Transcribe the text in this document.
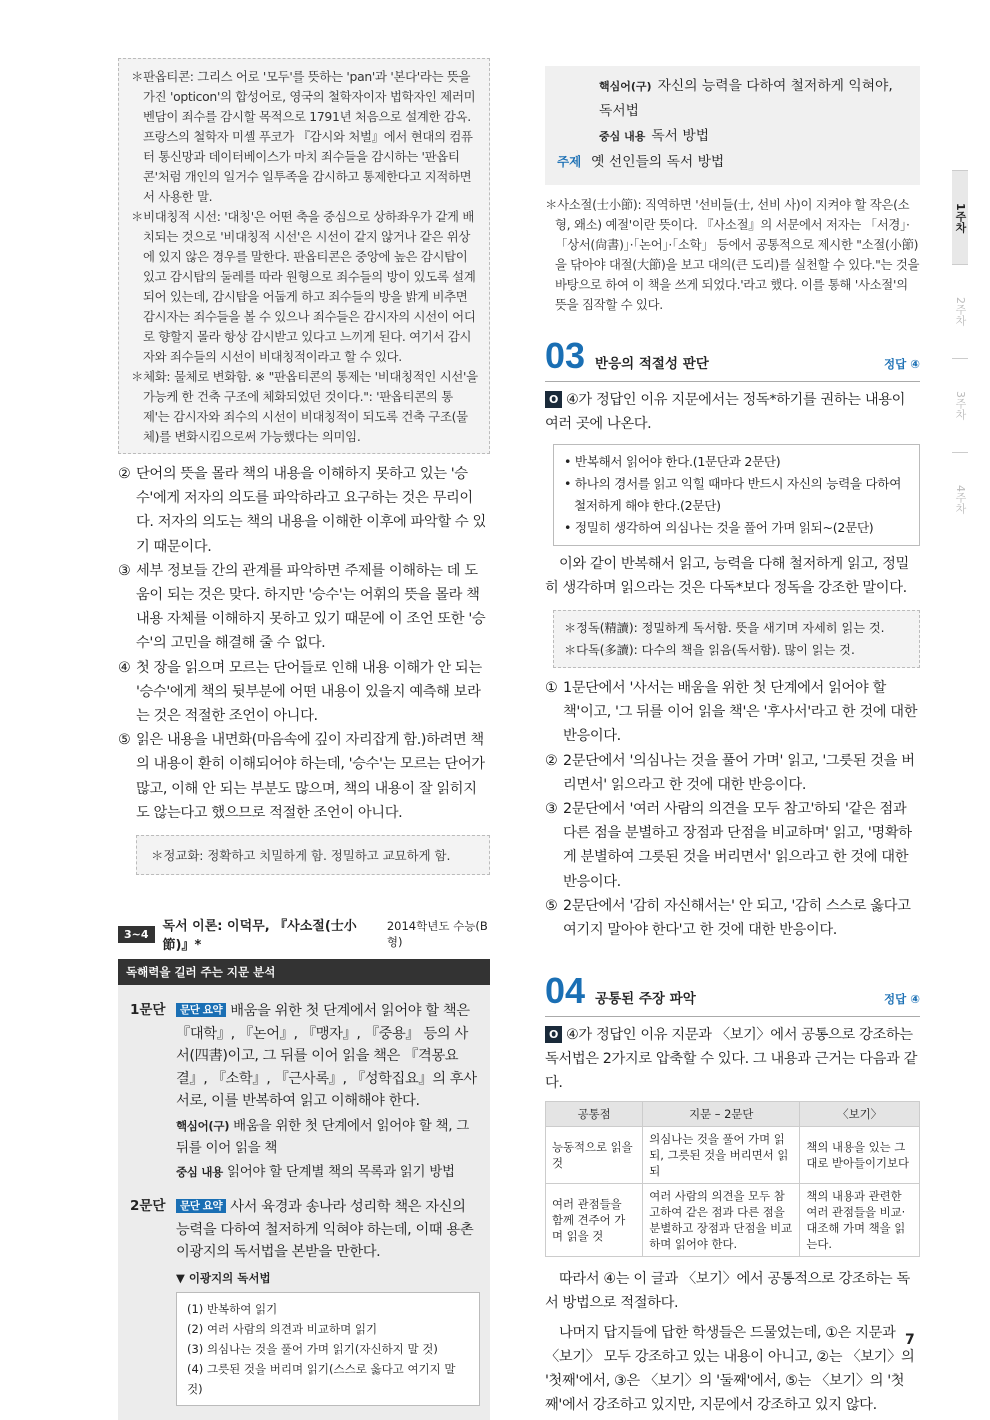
＊판옵티콘: 그리스 어로 '모두'를 뜻하는 'pan'과 '본다'라는 뜻을 가진 'opticon'의 합성어로, 영국의 철학자이자 법학자인 제러미 벤담이 죄수를 감시할 목적으로 1791년 처음으로 설계한 감옥. 프랑스의 철학자 미셸 푸코가 『감시와 처벌』에서 현대의 컴퓨터 통신망과 데이터베이스가 마치 죄수들을 감시하는 '판옵티콘'처럼 개인의 일거수 일투족을 감시하고 통제한다고 지적하면서 사용한 말.
＊비대칭적 시선: '대칭'은 어떤 축을 중심으로 상하좌우가 같게 배치되는 것으로 '비대칭적 시선'은 시선이 같지 않거나 같은 위상에 있지 않은 경우를 말한다. 판옵티콘은 중앙에 높은 감시탑이 있고 감시탑의 둘레를 따라 원형으로 죄수들의 방이 있도록 설계되어 있는데, 감시탑을 어둡게 하고 죄수들의 방을 밝게 비추면 감시자는 죄수들을 볼 수 있으나 죄수들은 감시자의 시선이 어디로 향할지 몰라 항상 감시받고 있다고 느끼게 된다. 여기서 감시자와 죄수들의 시선이 비대칭적이라고 할 수 있다.
＊체화: 물체로 변화함. ※ "판옵티콘의 통제는 '비대칭적인 시선'을 가능케 한 건축 구조에 체화되었던 것이다.": '판옵티콘의 통제'는 감시자와 죄수의 시선이 비대칭적이 되도록 건축 구조(물체)를 변화시킴으로써 가능했다는 의미임.
② 단어의 뜻을 몰라 책의 내용을 이해하지 못하고 있는 '승수'에게 저자의 의도를 파악하라고 요구하는 것은 무리이다. 저자의 의도는 책의 내용을 이해한 이후에 파악할 수 있기 때문이다.
③ 세부 정보들 간의 관계를 파악하면 주제를 이해하는 데 도움이 되는 것은 맞다. 하지만 '승수'는 어휘의 뜻을 몰라 책 내용 자체를 이해하지 못하고 있기 때문에 이 조언 또한 '승수'의 고민을 해결해 줄 수 없다.
④ 첫 장을 읽으며 모르는 단어들로 인해 내용 이해가 안 되는 '승수'에게 책의 뒷부분에 어떤 내용이 있을지 예측해 보라는 것은 적절한 조언이 아니다.
⑤ 읽은 내용을 내면화(마음속에 깊이 자리잡게 함.)하려면 책의 내용이 환히 이해되어야 하는데, '승수'는 모르는 단어가 많고, 이해 안 되는 부분도 많으며, 책의 내용이 잘 읽히지도 않는다고 했으므로 적절한 조언이 아니다.
＊정교화: 정확하고 치밀하게 함. 정밀하고 교묘하게 함.
3~4	독서 이론: 이덕무, 『사소절(士小節)』*
2014학년도 수능(B형)
독해력을 길러 주는 지문 분석
1문단	문단 요약 배움을 위한 첫 단계에서 읽어야 할 책은 『대학』, 『논어』, 『맹자』, 『중용』 등의 사서(四書)이고, 그 뒤를 이어 읽을 책은 『격몽요결』, 『소학』, 『근사록』, 『성학집요』의 후사서로, 이를 반복하여 읽고 이해해야 한다.
핵심어(구) 배움을 위한 첫 단계에서 읽어야 할 책, 그 뒤를 이어 읽을 책
중심 내용 읽어야 할 단계별 책의 목록과 읽기 방법
2문단	문단 요약 사서 육경과 송나라 성리학 책은 자신의 능력을 다하여 철저하게 익혀야 하는데, 이때 용촌 이광지의 독서법을 본받을 만한다.
▼ 이광지의 독서법
(1) 반복하여 읽기
(2) 여러 사람의 의견과 비교하며 읽기
(3) 의심나는 것을 풀어 가며 읽기(자신하지 말 것)
(4) 그릇된 것을 버리며 읽기(스스로 옳다고 여기지 말 것)
핵심어(구) 자신의 능력을 다하여 철저하게 익혀야, 독서법
중심 내용 독서 방법
주제 옛 선인들의 독서 방법
＊사소절(士小節): 직역하면 '선비들(士, 선비 사)이 지켜야 할 작은(소형, 왜소) 예절'이란 뜻이다. 『사소절』의 서문에서 저자는 「서경」·「상서(尙書)」·「논어」·「소학」 등에서 공통적으로 제시한 "소절(小節)을 닦아야 대절(大節)을 보고 대의(큰 도리)를 실천할 수 있다."는 것을 바탕으로 하여 이 책을 쓰게 되었다.'라고 했다. 이를 통해 '사소절'의 뜻을 짐작할 수 있다.
03 반응의 적절성 판단	정답 ④
O ④가 정답인 이유 지문에서는 정독*하기를 권하는 내용이 여러 곳에 나온다.
• 반복해서 읽어야 한다.(1문단과 2문단)
• 하나의 경서를 읽고 익힐 때마다 반드시 자신의 능력을 다하여 철저하게 해야 한다.(2문단)
• 정밀히 생각하여 의심나는 것을 풀어 가며 읽되~(2문단)
이와 같이 반복해서 읽고, 능력을 다해 철저하게 읽고, 정밀히 생각하며 읽으라는 것은 다독*보다 정독을 강조한 말이다.
＊정독(精讀): 정밀하게 독서함. 뜻을 새기며 자세히 읽는 것.
＊다독(多讀): 다수의 책을 읽음(독서함). 많이 읽는 것.
① 1문단에서 '사서는 배움을 위한 첫 단계에서 읽어야 할 책'이고, '그 뒤를 이어 읽을 책'은 '후사서'라고 한 것에 대한 반응이다.
② 2문단에서 '의심나는 것을 풀어 가며' 읽고, '그릇된 것을 버리면서' 읽으라고 한 것에 대한 반응이다.
③ 2문단에서 '여러 사람의 의견을 모두 참고'하되 '같은 점과 다른 점을 분별하고 장점과 단점을 비교하며' 읽고, '명확하게 분별하여 그릇된 것을 버리면서' 읽으라고 한 것에 대한 반응이다.
⑤ 2문단에서 '감히 자신해서는' 안 되고, '감히 스스로 옳다고 여기지 말아야 한다'고 한 것에 대한 반응이다.
04 공통된 주장 파악	정답 ④
O ④가 정답인 이유 지문과 〈보기〉에서 공통으로 강조하는 독서법은 2가지로 압축할 수 있다. 그 내용과 근거는 다음과 같다.
공통점	지문 – 2문단	〈보기〉
능동적으로 읽을 것	의심나는 것을 풀어 가며 읽되, 그릇된 것을 버리면서 읽되	책의 내용을 있는 그대로 받아들이기보다
여러 관점들을 함께 견주어 가며 읽을 것	여러 사람의 의견을 모두 참고하여 같은 점과 다른 점을 분별하고 장점과 단점을 비교하며 읽어야 한다.	책의 내용과 관련한 여러 관점들을 비교·대조해 가며 책을 읽는다.
따라서 ④는 이 글과 〈보기〉에서 공통적으로 강조하는 독서 방법으로 적절하다.
나머지 답지들에 답한 학생들은 드물었는데, ①은 지문과 〈보기〉 모두 강조하고 있는 내용이 아니고, ②는 〈보기〉의 '첫째'에서, ③은 〈보기〉의 '둘째'에서, ⑤는 〈보기〉의 '첫째'에서 강조하고 있지만, 지문에서 강조하고 있지 않다.
1주차
2주차
3주차
4주차
7
